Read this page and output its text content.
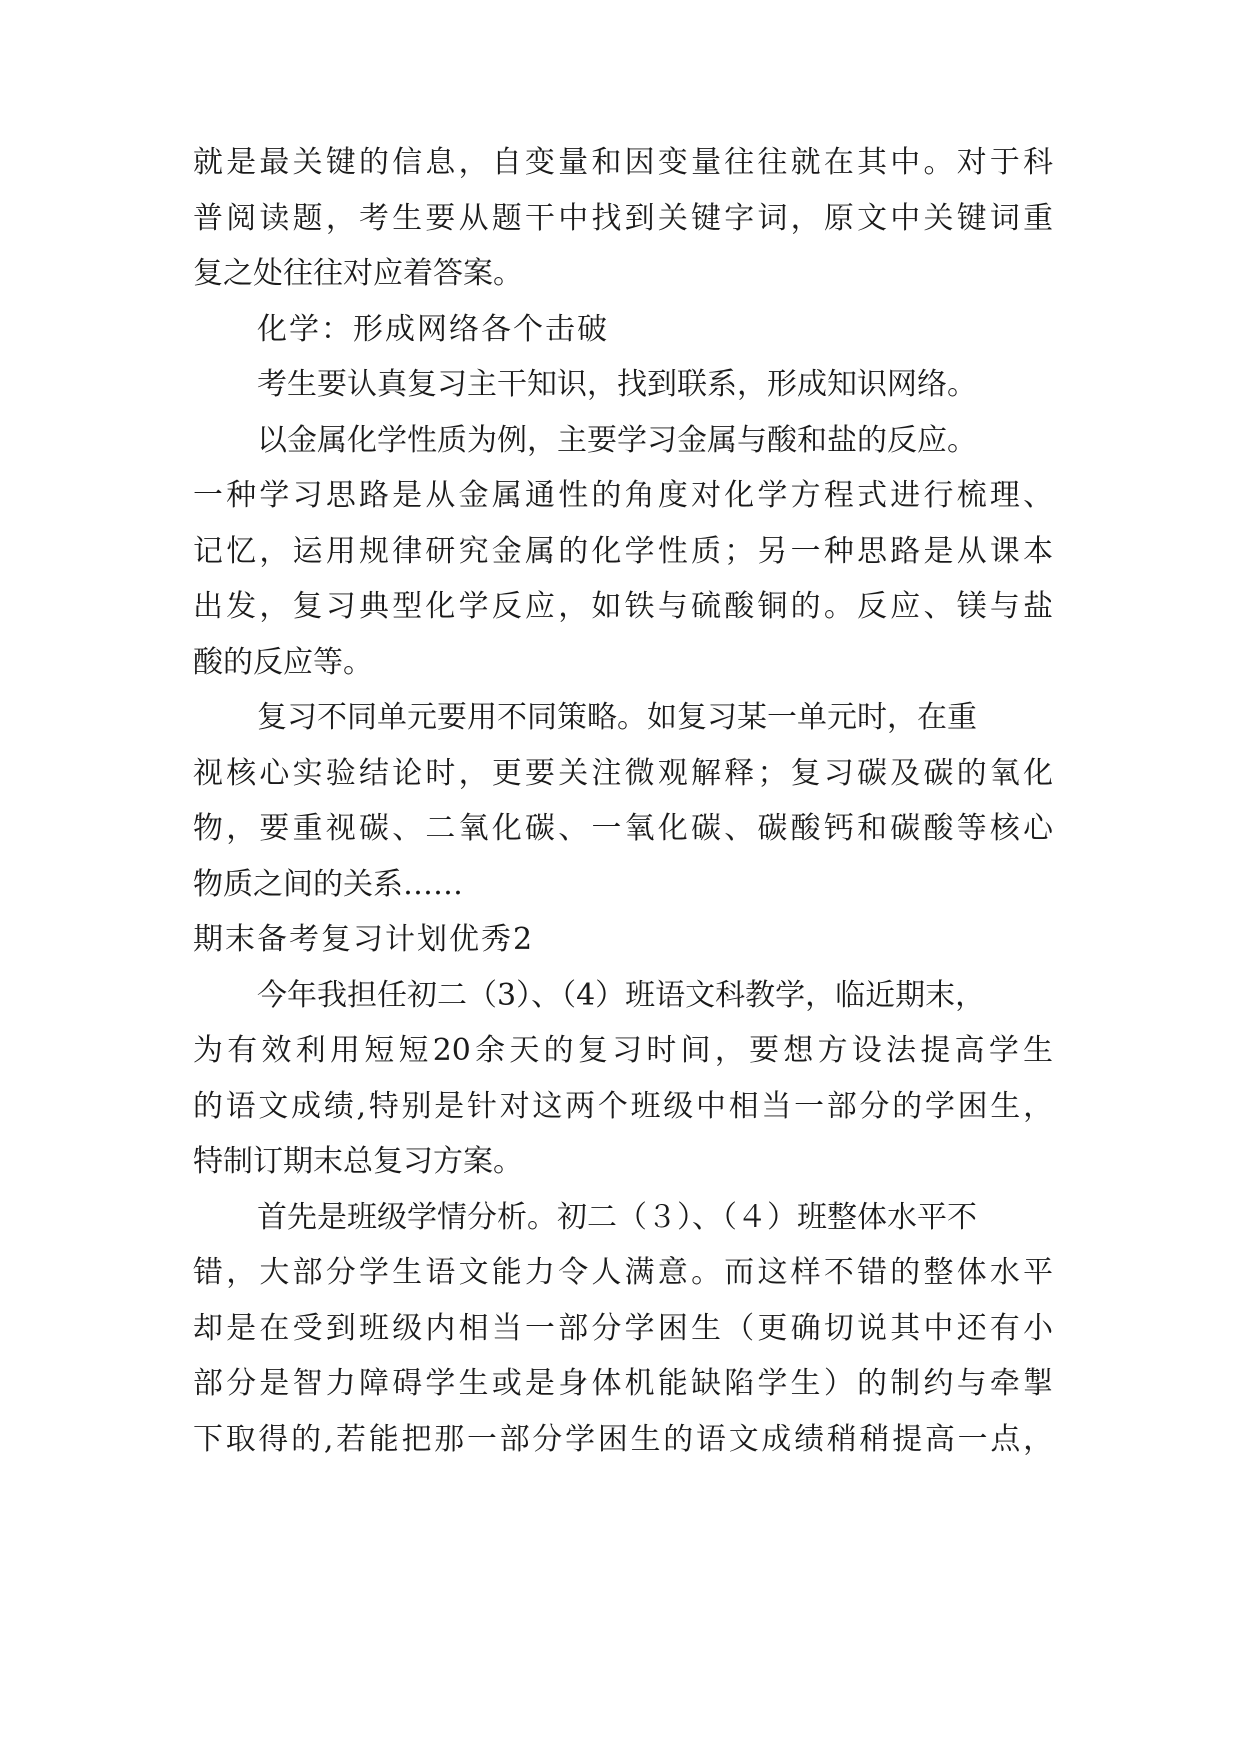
就是最关键的信息，自变量和因变量往往就在其中。对于科

普阅读题，考生要从题干中找到关键字词，原文中关键词重

复之处往往对应着答案。

化学：形成网络各个击破

考生要认真复习主干知识，找到联系，形成知识网络。

以金属化学性质为例，主要学习金属与酸和盐的反应。

一种学习思路是从金属通性的角度对化学方程式进行梳理、

记忆，运用规律研究金属的化学性质；另一种思路是从课本

出发，复习典型化学反应，如铁与硫酸铜的。反应、镁与盐

酸的反应等。

复习不同单元要用不同策略。如复习某一单元时，在重

视核心实验结论时，更要关注微观解释；复习碳及碳的氧化

物，要重视碳、二氧化碳、一氧化碳、碳酸钙和碳酸等核心

物质之间的关系……

期末备考复习计划优秀2

今年我担任初二（3）、（4）班语文科教学，临近期末，

为有效利用短短20余天的复习时间，要想方设法提高学生

的语文成绩,特别是针对这两个班级中相当一部分的学困生，

特制订期末总复习方案。

首先是班级学情分析。初二（３）、（４）班整体水平不

错，大部分学生语文能力令人满意。而这样不错的整体水平

却是在受到班级内相当一部分学困生（更确切说其中还有小

部分是智力障碍学生或是身体机能缺陷学生）的制约与牵掣

下取得的,若能把那一部分学困生的语文成绩稍稍提高一点，
